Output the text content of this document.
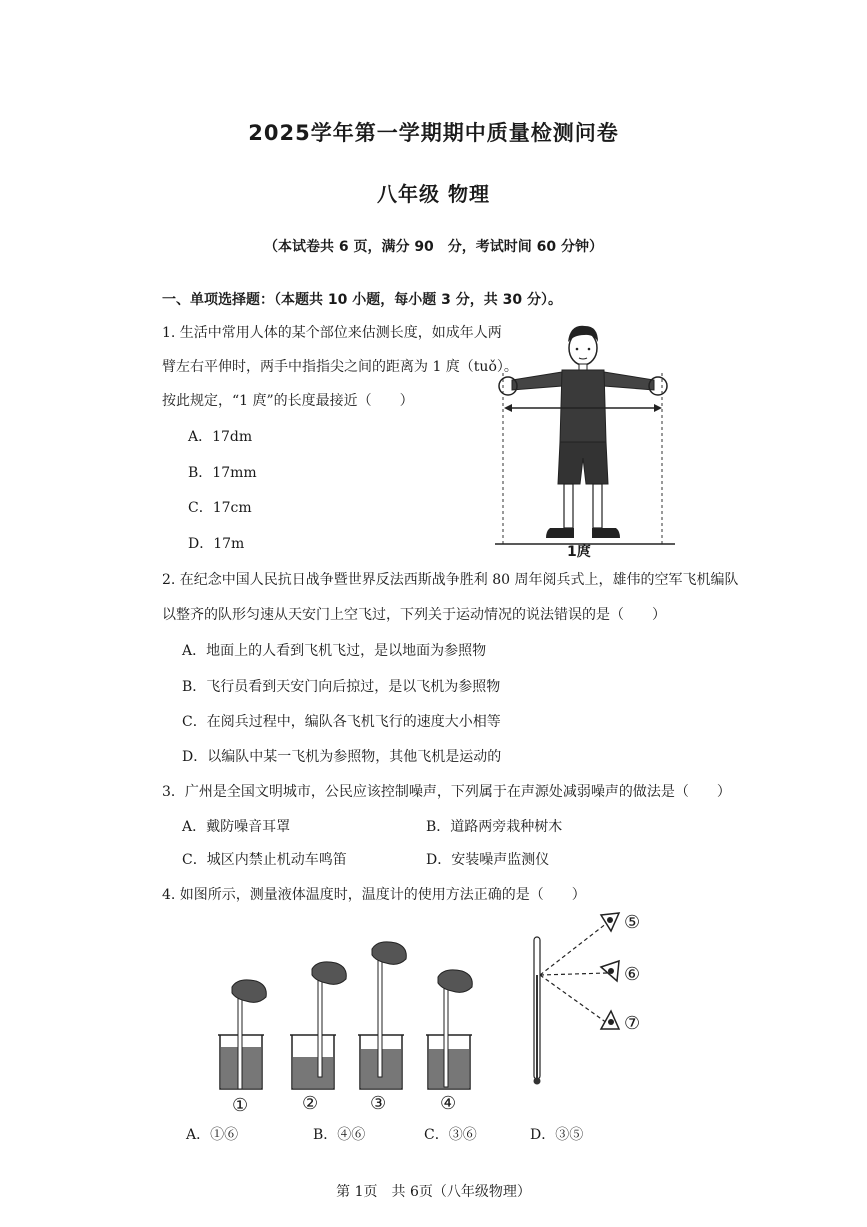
2025学年第一学期期中质量检测问卷
八年级 物理
（本试卷共 6 页，满分 90　分，考试时间 60 分钟）
一、单项选择题：（本题共 10 小题，每小题 3 分，共 30 分）。
1. 生活中常用人体的某个部位来估测长度，如成年人两
臂左右平伸时，两手中指指尖之间的距离为 1 庹（tuǒ）。
按此规定，“1 庹”的长度最接近（　　）
A．17dm
B．17mm
C．17cm
D．17m	1庹
2. 在纪念中国人民抗日战争暨世界反法西斯战争胜利 80 周年阅兵式上，雄伟的空军飞机编队
以整齐的队形匀速从天安门上空飞过，下列关于运动情况的说法错误的是（　　）
A．地面上的人看到飞机飞过，是以地面为参照物
B．飞行员看到天安门向后掠过，是以飞机为参照物
C．在阅兵过程中，编队各飞机飞行的速度大小相等
D．以编队中某一飞机为参照物，其他飞机是运动的
3．广州是全国文明城市，公民应该控制噪声，下列属于在声源处减弱噪声的做法是（　　）
A．戴防噪音耳罩	B．道路两旁栽种树木
C．城区内禁止机动车鸣笛	D．安装噪声监测仪
4. 如图所示，测量液体温度时，温度计的使用方法正确的是（　　）
①	②	③	④
⑤
⑥
⑦
A．①⑥	B．④⑥	C．③⑥	D．③⑤
第 1页　共 6页（八年级物理）
